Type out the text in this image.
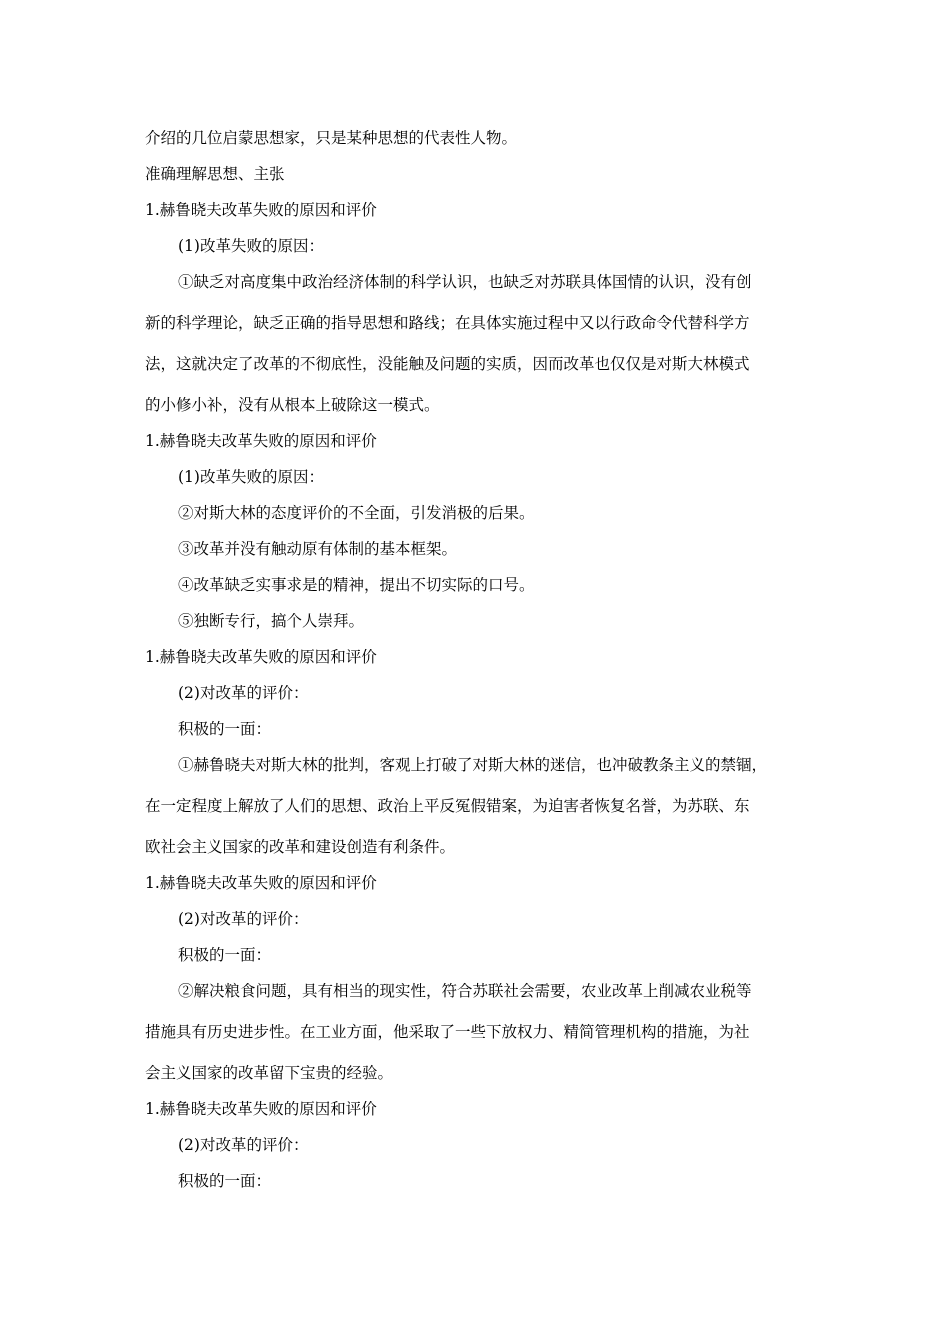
介绍的几位启蒙思想家，只是某种思想的代表性人物。
准确理解思想、主张
1.赫鲁晓夫改革失败的原因和评价
(1)改革失败的原因：
①缺乏对高度集中政治经济体制的科学认识，也缺乏对苏联具体国情的认识，没有创
新的科学理论，缺乏正确的指导思想和路线；在具体实施过程中又以行政命令代替科学方
法，这就决定了改革的不彻底性，没能触及问题的实质，因而改革也仅仅是对斯大林模式
的小修小补，没有从根本上破除这一模式。
1.赫鲁晓夫改革失败的原因和评价
(1)改革失败的原因：
②对斯大林的态度评价的不全面，引发消极的后果。
③改革并没有触动原有体制的基本框架。
④改革缺乏实事求是的精神，提出不切实际的口号。
⑤独断专行，搞个人崇拜。
1.赫鲁晓夫改革失败的原因和评价
(2)对改革的评价：
积极的一面：
①赫鲁晓夫对斯大林的批判，客观上打破了对斯大林的迷信，也冲破教条主义的禁锢，
在一定程度上解放了人们的思想、政治上平反冤假错案，为迫害者恢复名誉，为苏联、东
欧社会主义国家的改革和建设创造有利条件。
1.赫鲁晓夫改革失败的原因和评价
(2)对改革的评价：
积极的一面：
②解决粮食问题，具有相当的现实性，符合苏联社会需要，农业改革上削减农业税等
措施具有历史进步性。在工业方面，他采取了一些下放权力、精简管理机构的措施，为社
会主义国家的改革留下宝贵的经验。
1.赫鲁晓夫改革失败的原因和评价
(2)对改革的评价：
积极的一面：
